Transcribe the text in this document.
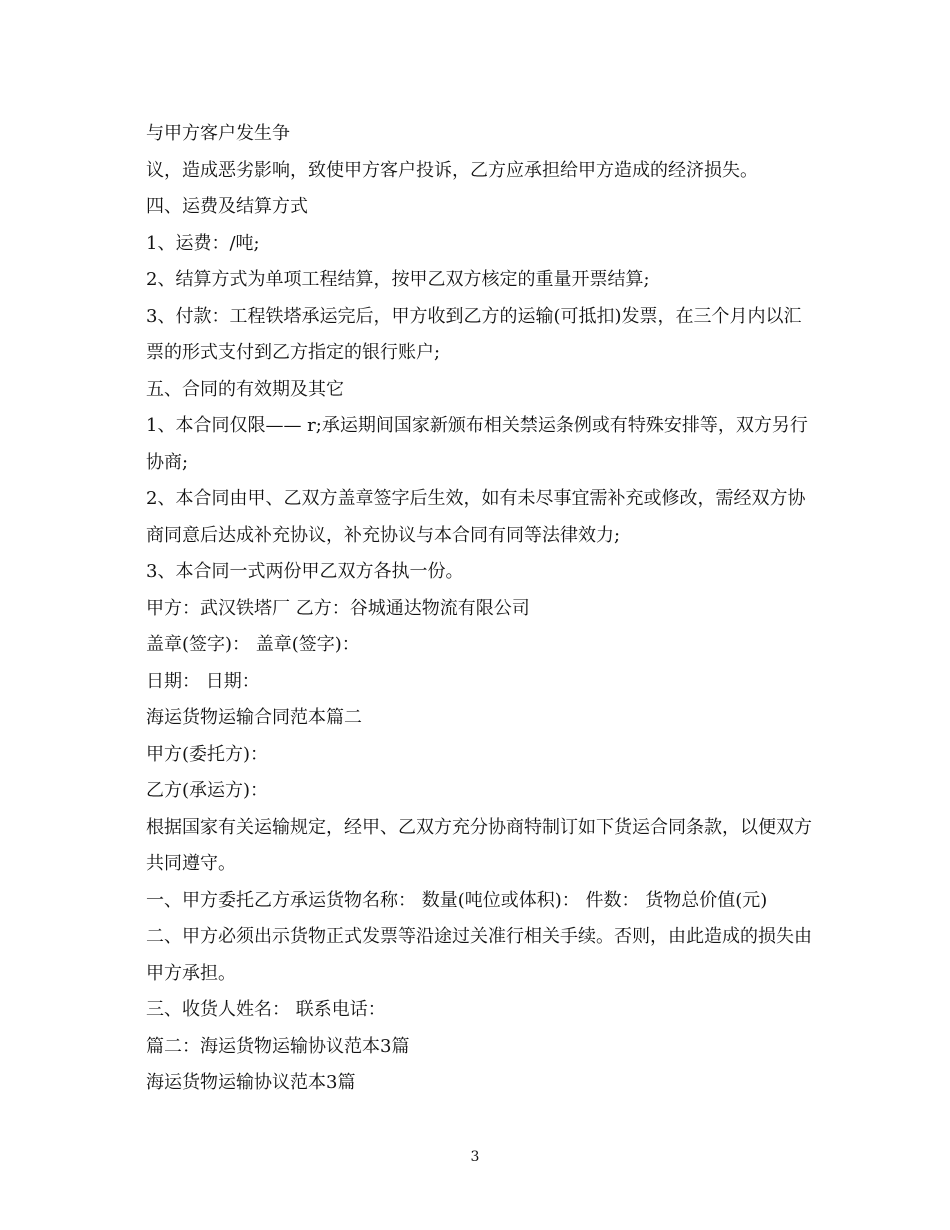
与甲方客户发生争

议，造成恶劣影响，致使甲方客户投诉，乙方应承担给甲方造成的经济损失。

四、运费及结算方式

1、运费：/吨;

2、结算方式为单项工程结算，按甲乙双方核定的重量开票结算;

3、付款：工程铁塔承运完后，甲方收到乙方的运输(可抵扣)发票，在三个月内以汇票的形式支付到乙方指定的银行账户;

五、合同的有效期及其它

1、本合同仅限—— r;承运期间国家新颁布相关禁运条例或有特殊安排等，双方另行协商;

2、本合同由甲、乙双方盖章签字后生效，如有未尽事宜需补充或修改，需经双方协商同意后达成补充协议，补充协议与本合同有同等法律效力;

3、本合同一式两份甲乙双方各执一份。

甲方：武汉铁塔厂 乙方：谷城通达物流有限公司

盖章(签字)： 盖章(签字)：

日期： 日期：

海运货物运输合同范本篇二

甲方(委托方)：

乙方(承运方)：

根据国家有关运输规定，经甲、乙双方充分协商特制订如下货运合同条款，以便双方共同遵守。

一、甲方委托乙方承运货物名称： 数量(吨位或体积)： 件数： 货物总价值(元)

二、甲方必须出示货物正式发票等沿途过关准行相关手续。否则，由此造成的损失由甲方承担。

三、收货人姓名： 联系电话：

篇二：海运货物运输协议范本3篇

海运货物运输协议范本3篇

3
